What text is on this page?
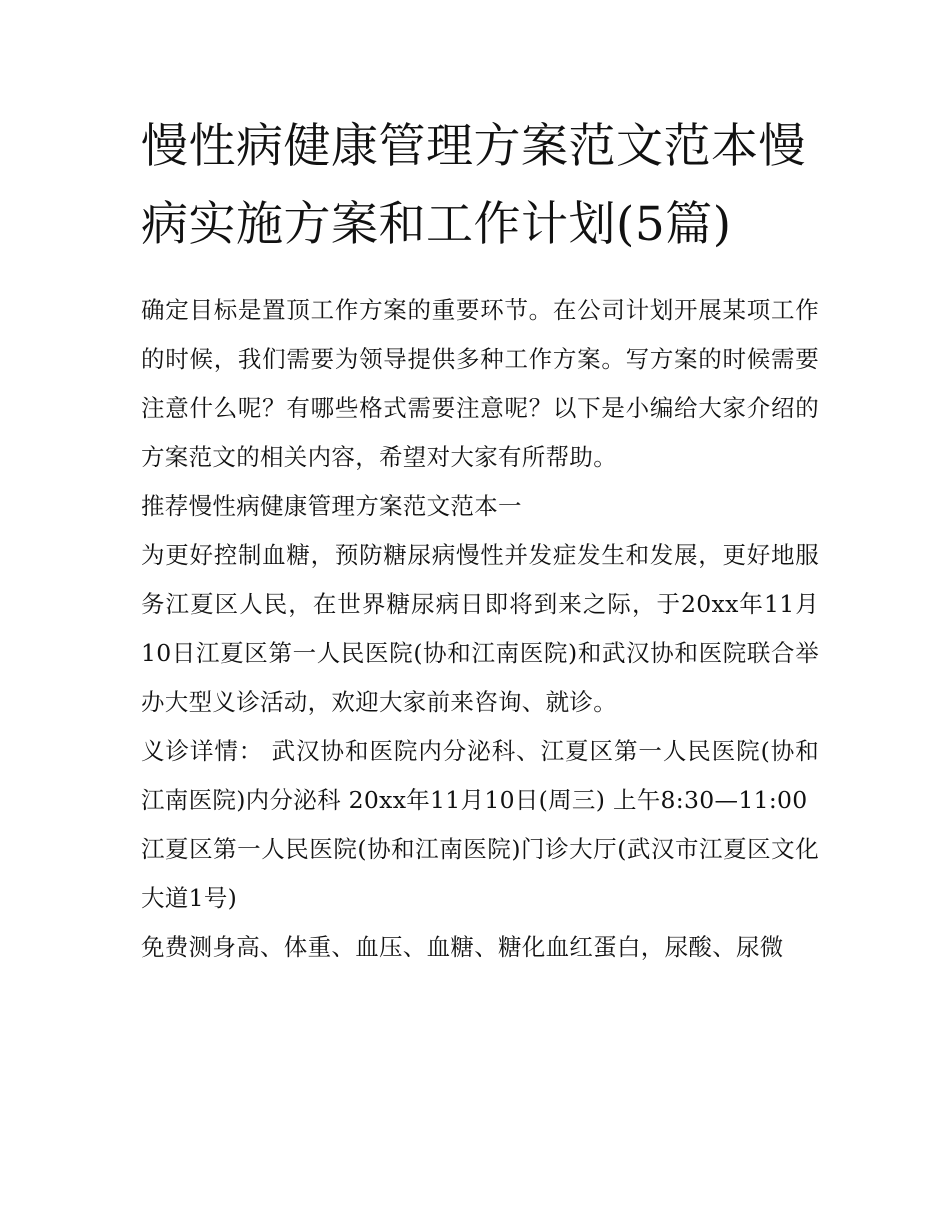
慢性病健康管理方案范文范本慢病实施方案和工作计划(5篇)

确定目标是置顶工作方案的重要环节。在公司计划开展某项工作的时候，我们需要为领导提供多种工作方案。写方案的时候需要注意什么呢？有哪些格式需要注意呢？以下是小编给大家介绍的方案范文的相关内容，希望对大家有所帮助。

推荐慢性病健康管理方案范文范本一

为更好控制血糖，预防糖尿病慢性并发症发生和发展，更好地服务江夏区人民，在世界糖尿病日即将到来之际，于20xx年11月10日江夏区第一人民医院(协和江南医院)和武汉协和医院联合举办大型义诊活动，欢迎大家前来咨询、就诊。

义诊详情： 武汉协和医院内分泌科、江夏区第一人民医院(协和江南医院)内分泌科 20xx年11月10日(周三) 上午8:30—11:00

江夏区第一人民医院(协和江南医院)门诊大厅(武汉市江夏区文化大道1号)

免费测身高、体重、血压、血糖、糖化血红蛋白，尿酸、尿微
